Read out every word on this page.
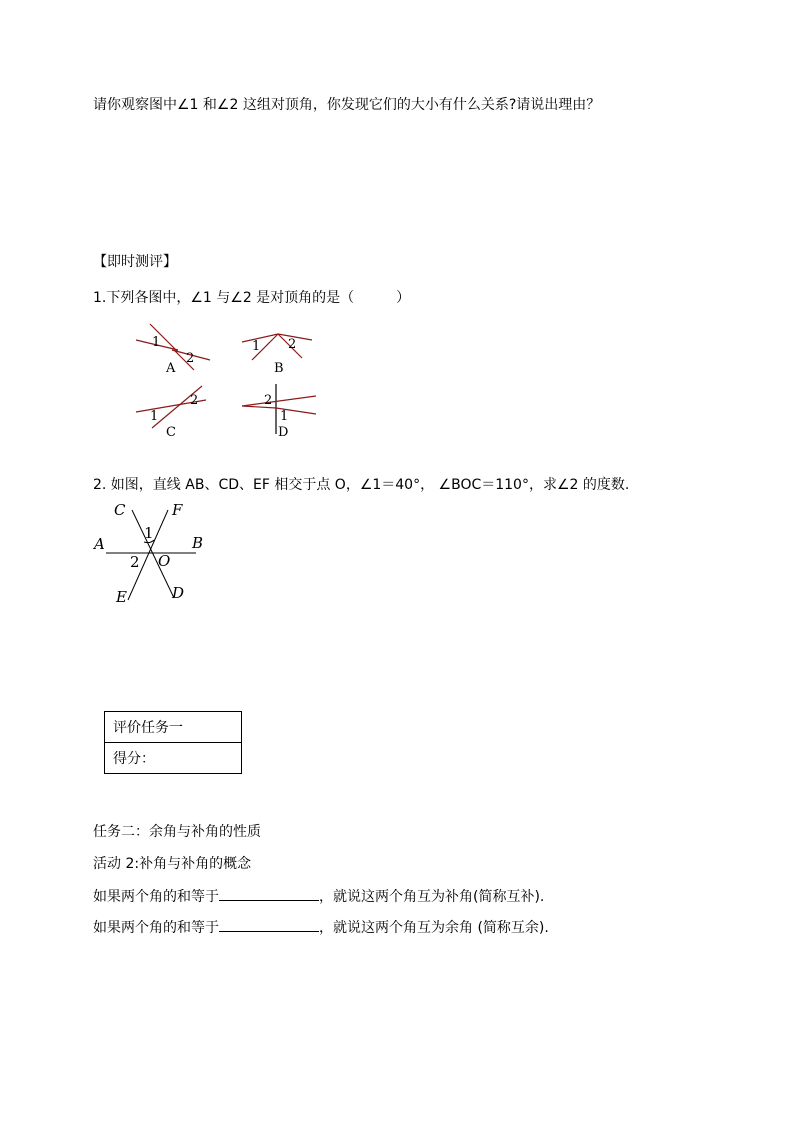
请你观察图中∠1 和∠2 这组对顶角，你发现它们的大小有什么关系?请说出理由？
【即时测评】
1.下列各图中，∠1 与∠2 是对顶角的是（　　　）
1
2
A
1 2
B
1
2
C
1
2
D
2. 如图，直线 AB、CD、EF 相交于点 O，∠1＝40°， ∠BOC＝110°，求∠2 的度数.
C	F
A	B
O
E	D
1
2
评价任务一
得分：
任务二：余角与补角的性质
活动 2:补角与补角的概念
如果两个角的和等于	，就说这两个角互为补角(简称互补).
如果两个角的和等于	，就说这两个角互为余角 (简称互余).
